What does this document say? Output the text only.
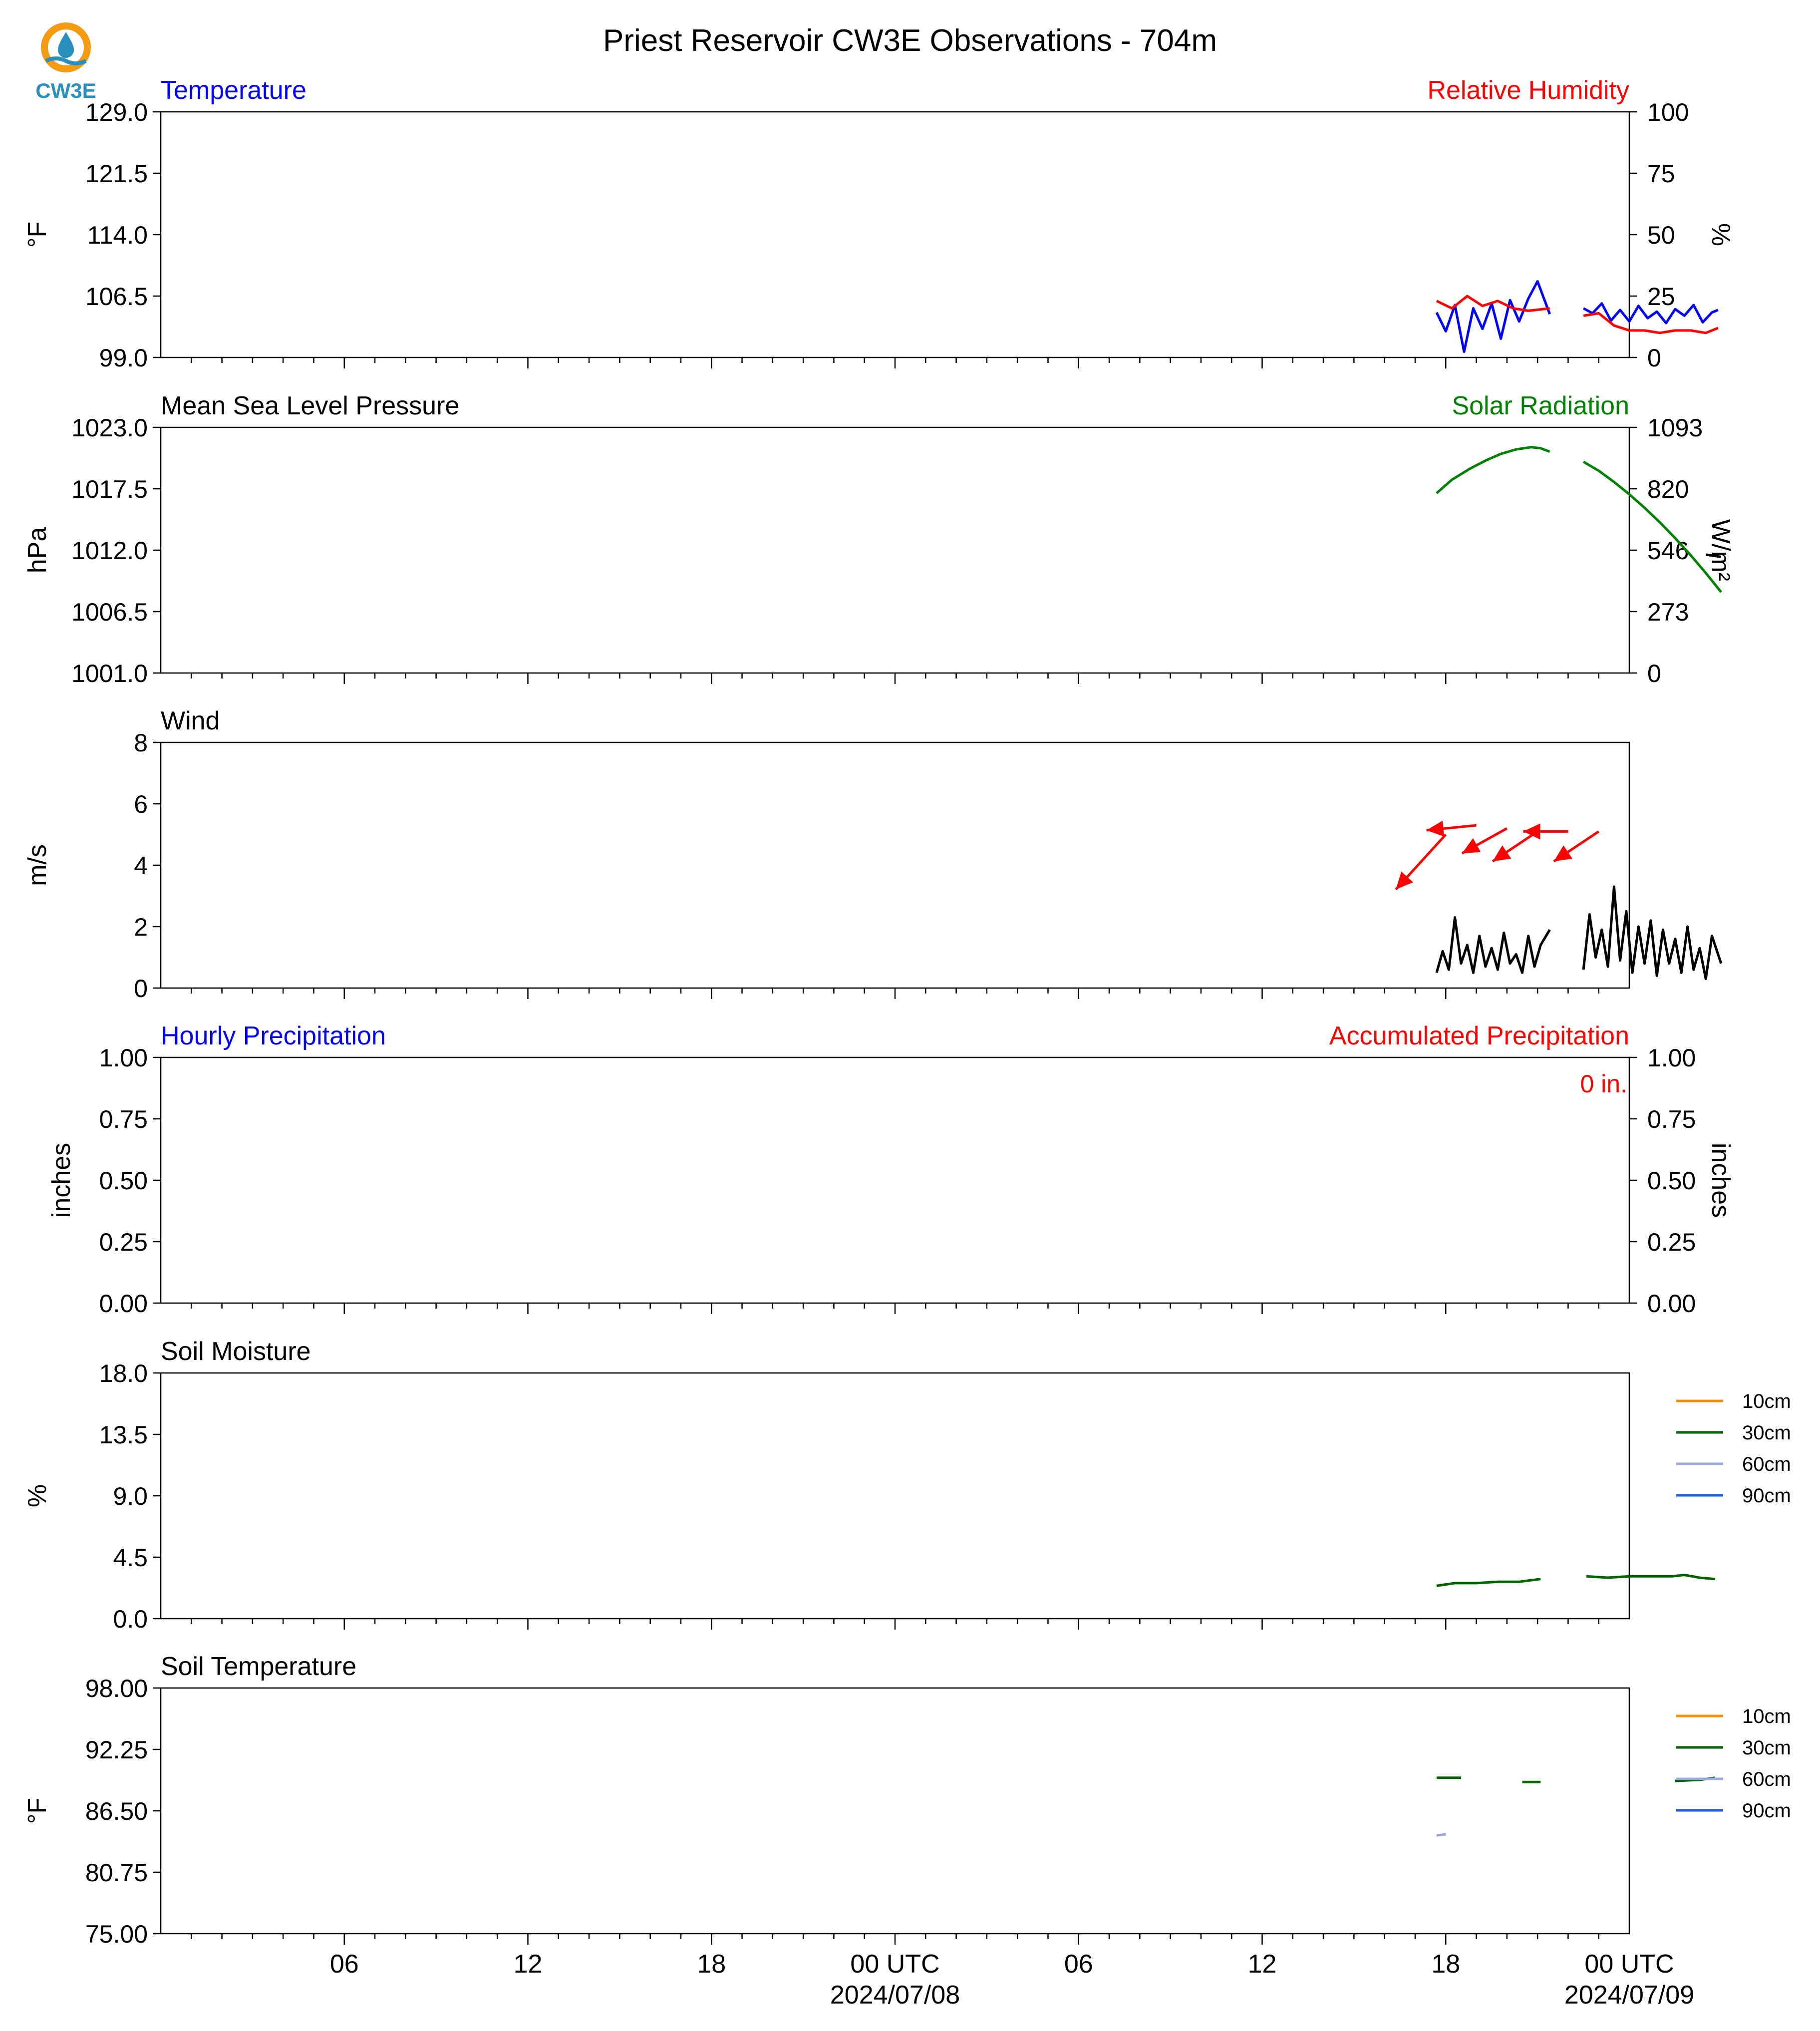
CW3E
Priest Reservoir CW3E Observations - 704m
Temperature	Relative Humidity
99.0
106.5
114.0
121.5
129.0
0
25
50
75
100
°F	%
Mean Sea Level Pressure	Solar Radiation
1001.0
1006.5
1012.0
1017.5
1023.0
0
273
546
820
1093
hPa	W/m²
Wind
0
2
4
6
8
m/s
Hourly Precipitation	Accumulated Precipitation
0.00
0.25
0.50
0.75
1.00
0.00
0.25
0.50
0.75
1.00
inches	inches
0 in.
Soil Moisture
0.0
4.5
9.0
13.5
18.0
%
10cm
30cm
60cm
90cm
Soil Temperature
75.00
80.75
86.50
92.25
98.00
°F
10cm
30cm
60cm
90cm
06	12	18	00 UTC
2024/07/08
06	12	18	00 UTC
2024/07/09
